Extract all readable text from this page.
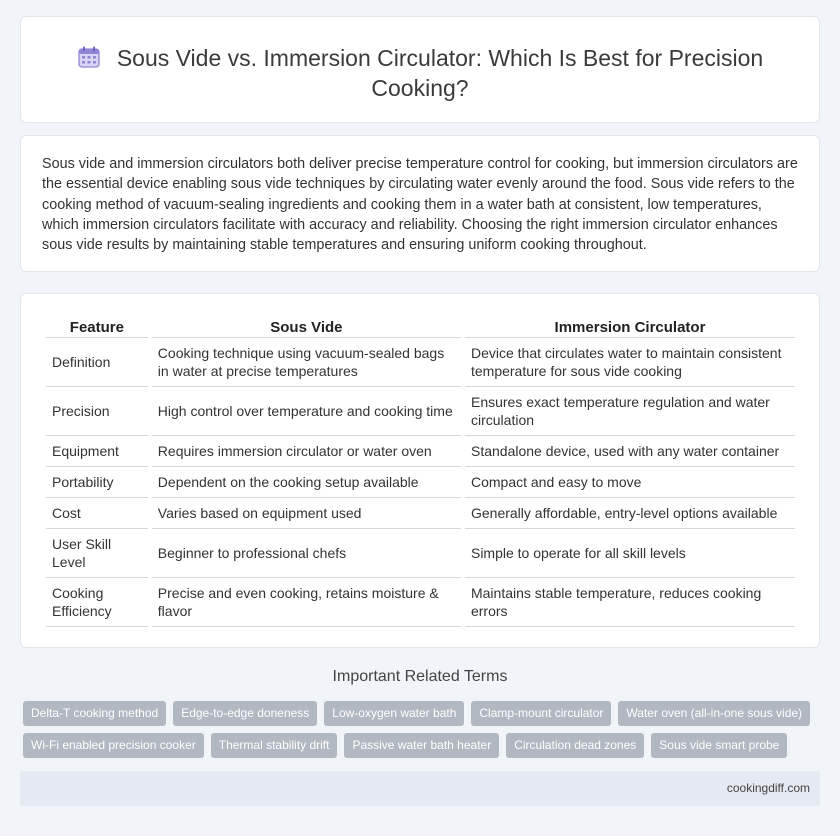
Sous Vide vs. Immersion Circulator: Which Is Best for Precision Cooking?

Sous vide and immersion circulators both deliver precise temperature control for cooking, but immersion circulators are the essential device enabling sous vide techniques by circulating water evenly around the food. Sous vide refers to the cooking method of vacuum-sealing ingredients and cooking them in a water bath at consistent, low temperatures, which immersion circulators facilitate with accuracy and reliability. Choosing the right immersion circulator enhances sous vide results by maintaining stable temperatures and ensuring uniform cooking throughout.

Feature	Sous Vide	Immersion Circulator
Definition	Cooking technique using vacuum-sealed bags in water at precise temperatures	Device that circulates water to maintain consistent temperature for sous vide cooking
Precision	High control over temperature and cooking time	Ensures exact temperature regulation and water circulation
Equipment	Requires immersion circulator or water oven	Standalone device, used with any water container
Portability	Dependent on the cooking setup available	Compact and easy to move
Cost	Varies based on equipment used	Generally affordable, entry-level options available
User Skill Level	Beginner to professional chefs	Simple to operate for all skill levels
Cooking Efficiency	Precise and even cooking, retains moisture & flavor	Maintains stable temperature, reduces cooking errors
Important Related Terms
Delta-T cooking method	Edge-to-edge doneness	Low-oxygen water bath	Clamp-mount circulator	Water oven (all-in-one sous vide)
Wi-Fi enabled precision cooker	Thermal stability drift	Passive water bath heater	Circulation dead zones	Sous vide smart probe
cookingdiff.com
